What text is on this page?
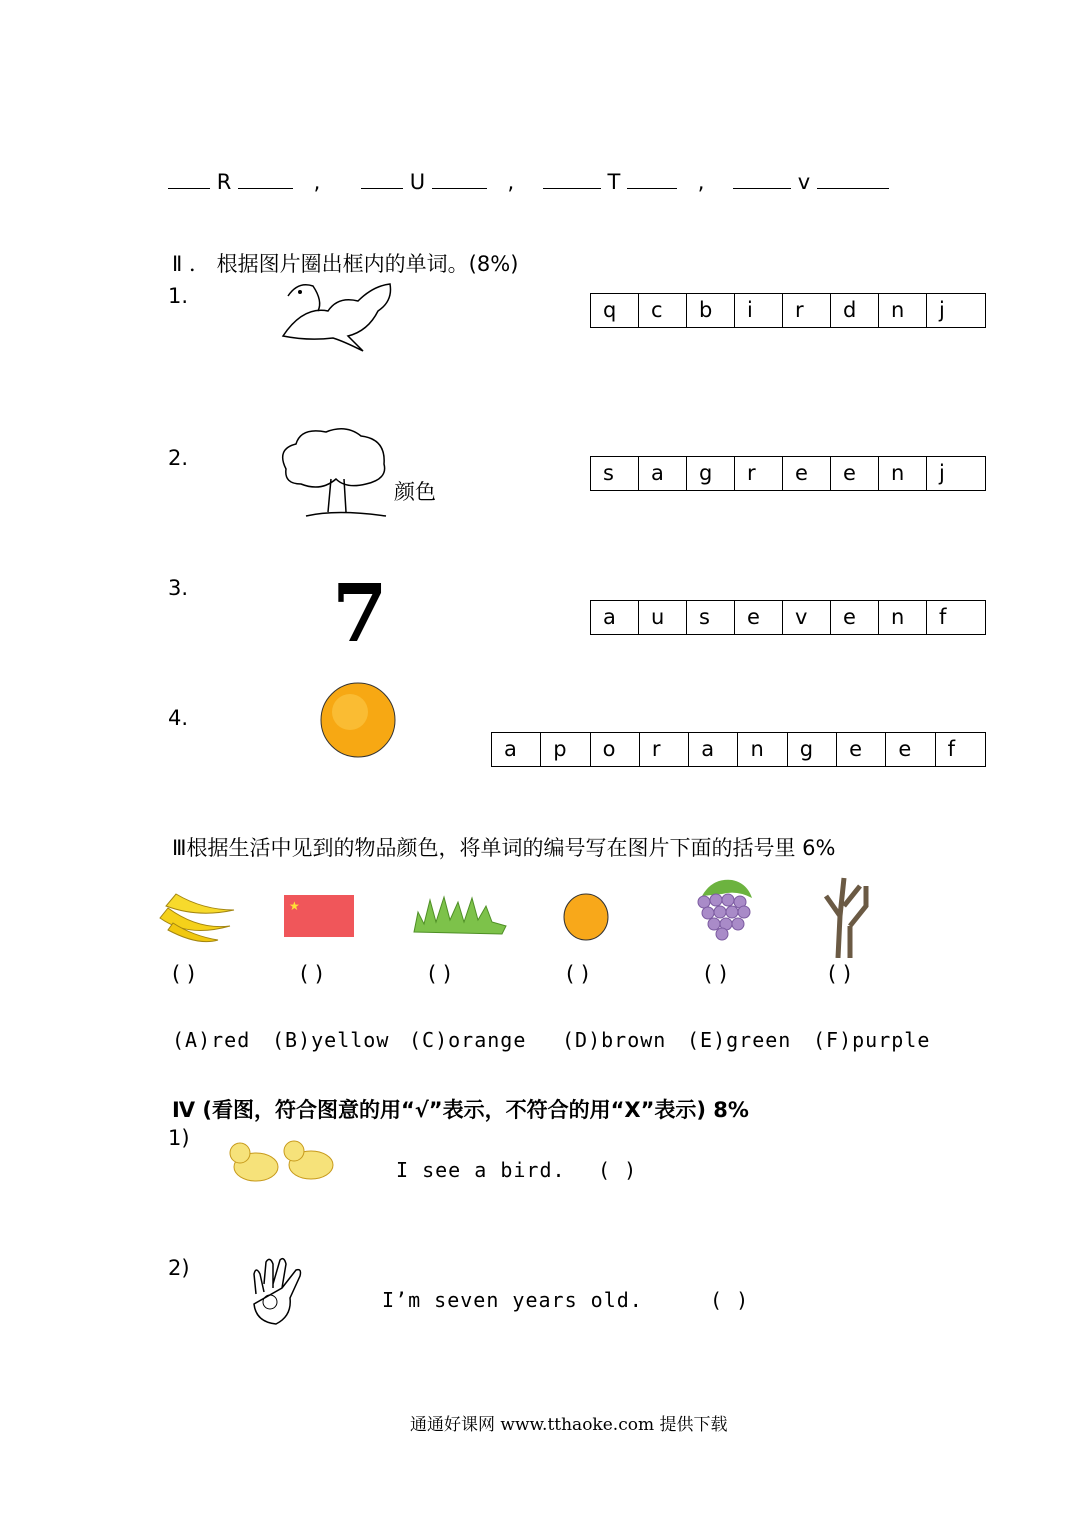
R	,	U	,	T	,	v
Ⅱ ． 根据图片圈出框内的单词。(8%)
1.
q	c	b	i	r	d	n	j
2.
颜色
s	a	g	r	e	e	n	j
3. 7	a	u	s	e	v	e	n	f
4.
a	p	o	r	a	n	g	e	e	f
Ⅲ根据生活中见到的物品颜色，将单词的编号写在图片下面的括号里 6%
★
( )	( )	( )	( )	( )	( )
(A)red	(B)yellow (C)orange	(D)brown	(E)green	(F)purple
Ⅳ (看图，符合图意的用“√”表示，不符合的用“X”表示) 8%
1)
I see a bird. ( )
2)
I’m seven years old.	( )
通通好课网 www.tthaoke.com 提供下载
